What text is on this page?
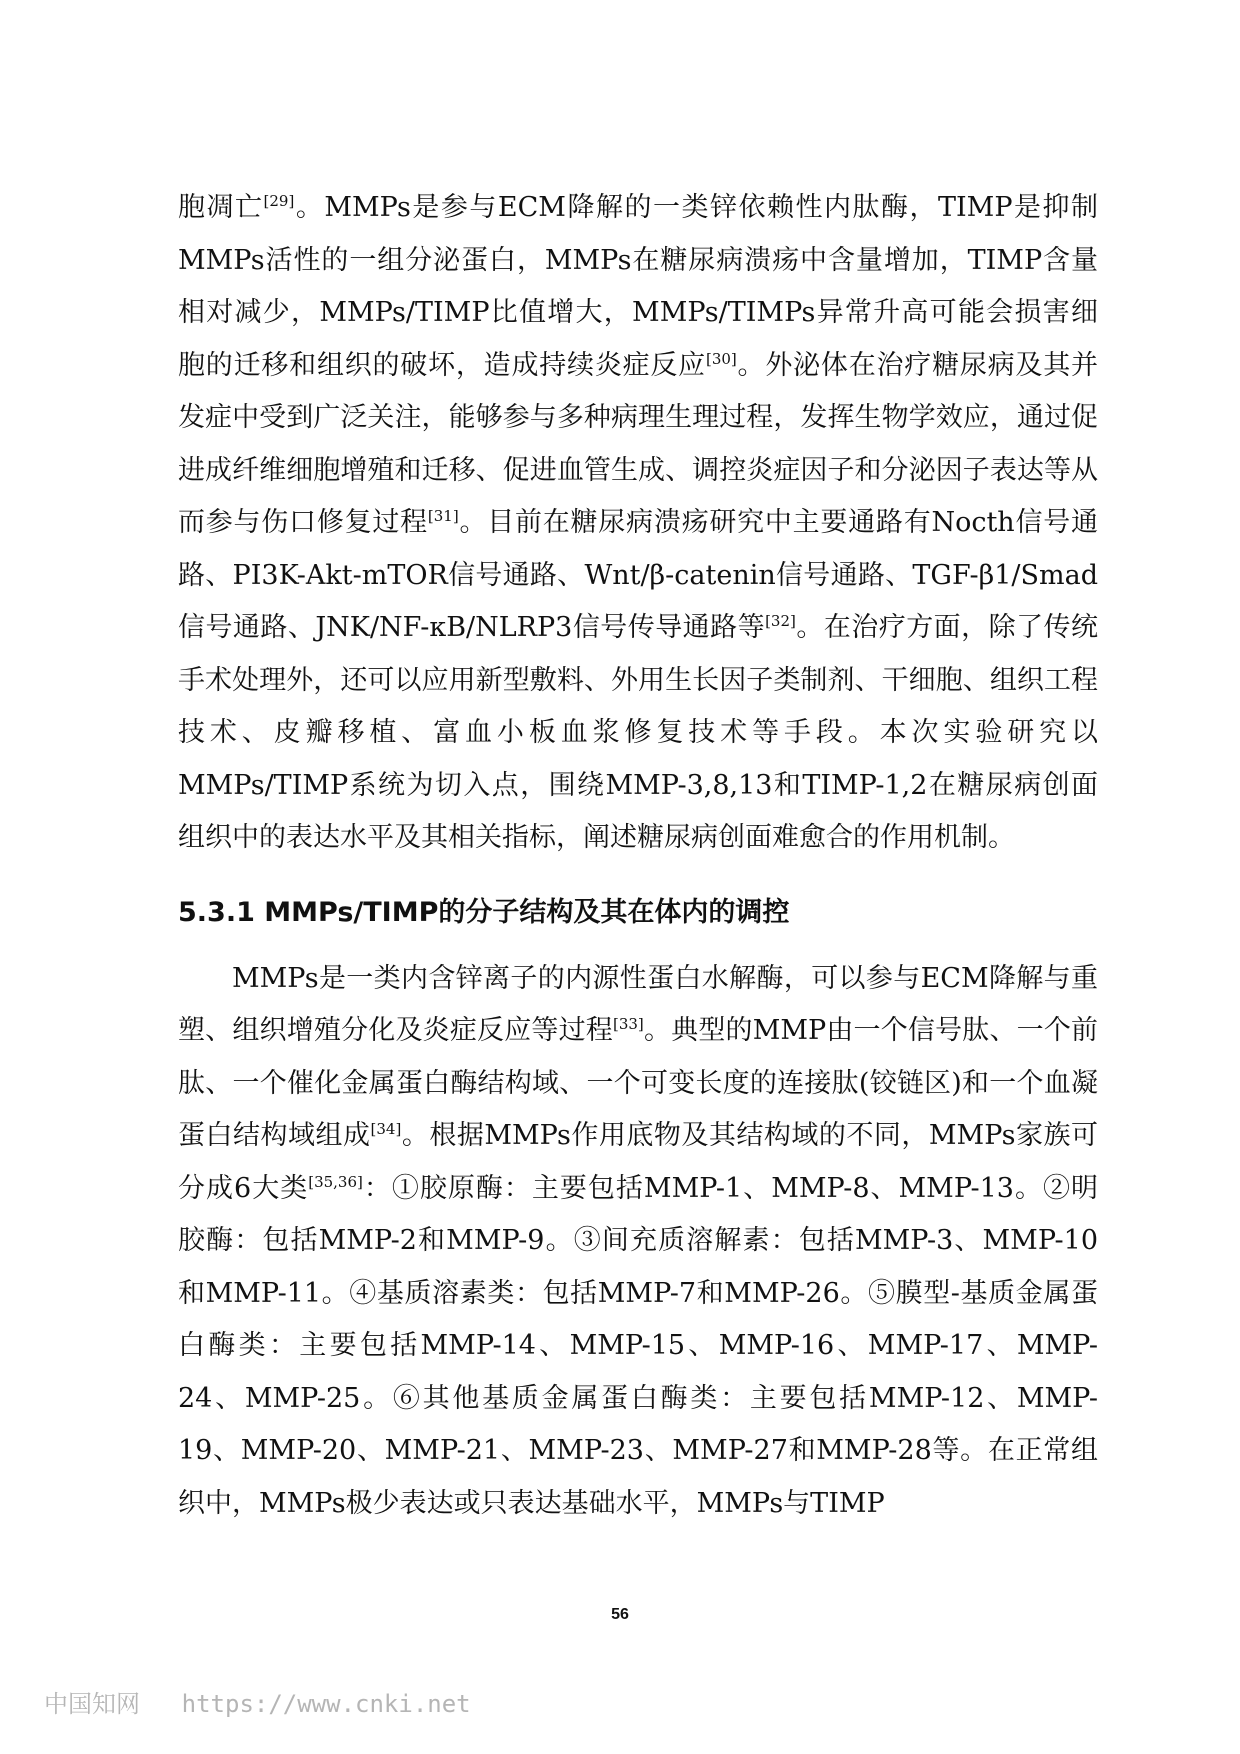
胞凋亡[29]。MMPs是参与ECM降解的一类锌依赖性内肽酶，TIMP是抑制MMPs活性的一组分泌蛋白，MMPs在糖尿病溃疡中含量增加，TIMP含量相对减少，MMPs/TIMP比值增大，MMPs/TIMPs异常升高可能会损害细胞的迁移和组织的破坏，造成持续炎症反应[30]。外泌体在治疗糖尿病及其并发症中受到广泛关注，能够参与多种病理生理过程，发挥生物学效应，通过促进成纤维细胞增殖和迁移、促进血管生成、调控炎症因子和分泌因子表达等从而参与伤口修复过程[31]。目前在糖尿病溃疡研究中主要通路有Nocth信号通路、PI3K-Akt-mTOR信号通路、Wnt/β-catenin信号通路、TGF-β1/Smad信号通路、JNK/NF-κB/NLRP3信号传导通路等[32]。在治疗方面，除了传统手术处理外，还可以应用新型敷料、外用生长因子类制剂、干细胞、组织工程技术、皮瓣移植、富血小板血浆修复技术等手段。本次实验研究以MMPs/TIMP系统为切入点，围绕MMP-3,8,13和TIMP-1,2在糖尿病创面组织中的表达水平及其相关指标，阐述糖尿病创面难愈合的作用机制。

5.3.1 MMPs/TIMP的分子结构及其在体内的调控

MMPs是一类内含锌离子的内源性蛋白水解酶，可以参与ECM降解与重塑、组织增殖分化及炎症反应等过程[33]。典型的MMP由一个信号肽、一个前肽、一个催化金属蛋白酶结构域、一个可变长度的连接肽(铰链区)和一个血凝蛋白结构域组成[34]。根据MMPs作用底物及其结构域的不同，MMPs家族可分成6大类[35,36]：①胶原酶：主要包括MMP-1、MMP-8、MMP-13。②明胶酶：包括MMP-2和MMP-9。③间充质溶解素：包括MMP-3、MMP-10和MMP-11。④基质溶素类：包括MMP-7和MMP-26。⑤膜型-基质金属蛋白酶类：主要包括MMP-14、MMP-15、MMP-16、MMP-17、MMP-24、MMP-25。⑥其他基质金属蛋白酶类：主要包括MMP-12、MMP-19、MMP-20、MMP-21、MMP-23、MMP-27和MMP-28等。在正常组织中，MMPs极少表达或只表达基础水平，MMPs与TIMP

56
中国知网 https://www.cnki.net
